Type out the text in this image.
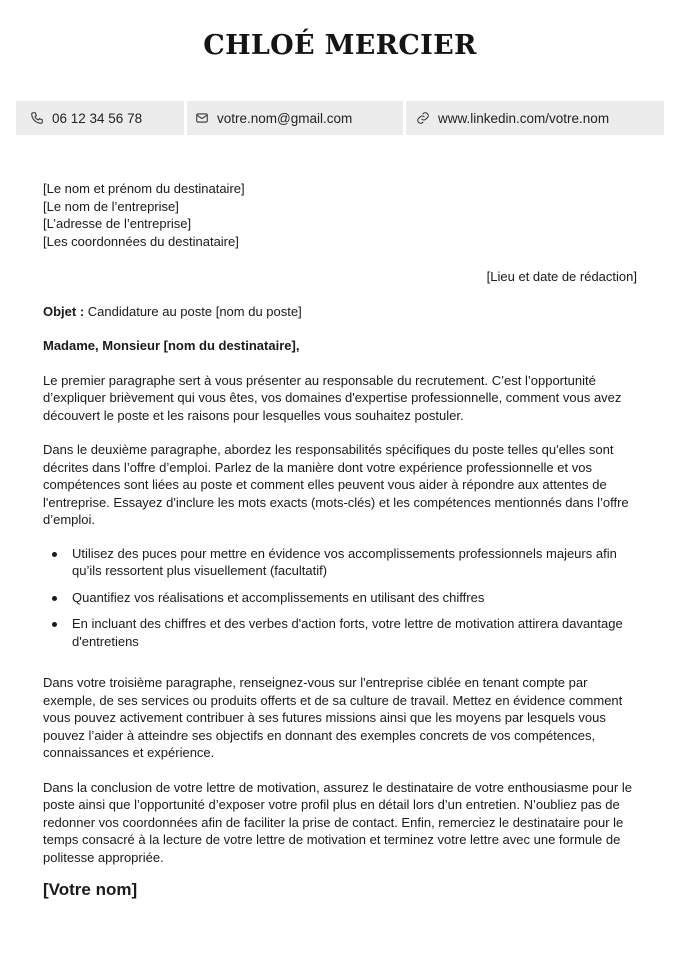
CHLOÉ MERCIER
06 12 34 56 78	votre.nom@gmail.com	www.linkedin.com/votre.nom
[Le nom et prénom du destinataire]
[Le nom de l’entreprise]
[L’adresse de l’entreprise]
[Les coordonnées du destinataire]
[Lieu et date de rédaction]
Objet : Candidature au poste [nom du poste]
Madame, Monsieur [nom du destinataire],

Le premier paragraphe sert à vous présenter au responsable du recrutement. C’est l’opportunité d’expliquer brièvement qui vous êtes, vos domaines d'expertise professionnelle, comment vous avez découvert le poste et les raisons pour lesquelles vous souhaitez postuler.

Dans le deuxième paragraphe, abordez les responsabilités spécifiques du poste telles qu'elles sont décrites dans l’offre d’emploi. Parlez de la manière dont votre expérience professionnelle et vos compétences sont liées au poste et comment elles peuvent vous aider à répondre aux attentes de l'entreprise. Essayez d'inclure les mots exacts (mots-clés) et les compétences mentionnés dans l’offre d’emploi.

Utilisez des puces pour mettre en évidence vos accomplissements professionnels majeurs afin qu’ils ressortent plus visuellement (facultatif)
Quantifiez vos réalisations et accomplissements en utilisant des chiffres
En incluant des chiffres et des verbes d'action forts, votre lettre de motivation attirera davantage d'entretiens

Dans votre troisième paragraphe, renseignez-vous sur l'entreprise ciblée en tenant compte par exemple, de ses services ou produits offerts et de sa culture de travail. Mettez en évidence comment vous pouvez activement contribuer à ses futures missions ainsi que les moyens par lesquels vous pouvez l’aider à atteindre ses objectifs en donnant des exemples concrets de vos compétences, connaissances et expérience.

Dans la conclusion de votre lettre de motivation, assurez le destinataire de votre enthousiasme pour le poste ainsi que l’opportunité d’exposer votre profil plus en détail lors d’un entretien. N’oubliez pas de redonner vos coordonnées afin de faciliter la prise de contact. Enfin, remerciez le destinataire pour le temps consacré à la lecture de votre lettre de motivation et terminez votre lettre avec une formule de politesse appropriée.

[Votre nom]
